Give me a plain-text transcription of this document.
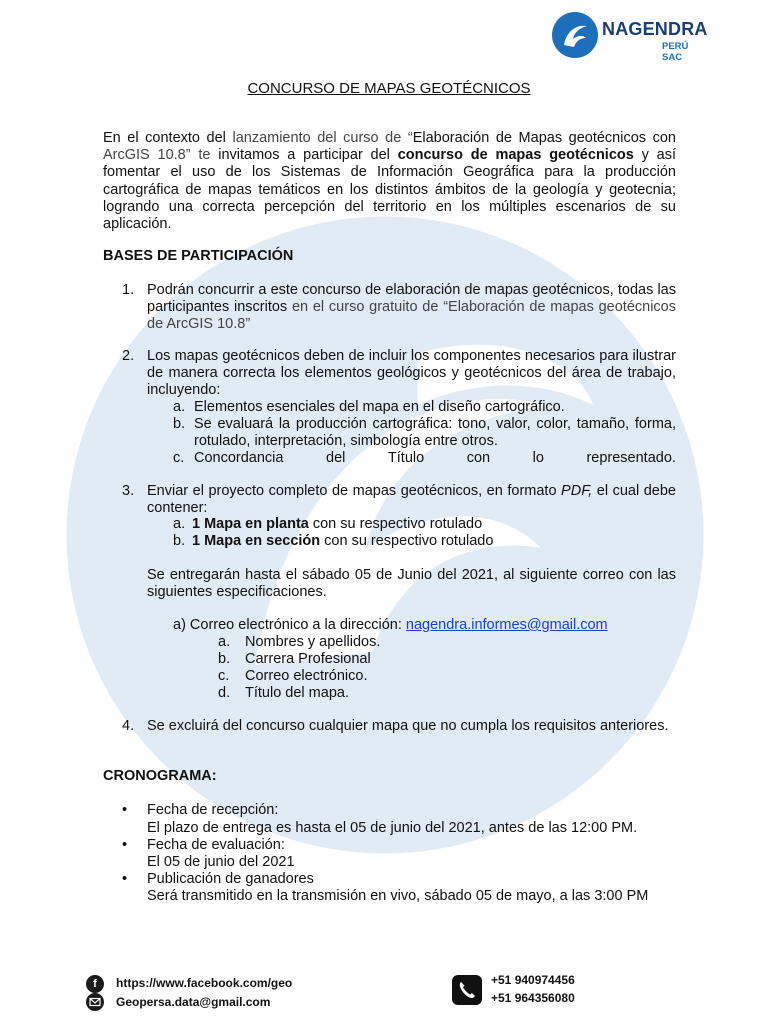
NAGENDRA
PERÚ SAC
CONCURSO DE MAPAS GEOTÉCNICOS
En el contexto del lanzamiento del curso de “Elaboración de Mapas geotécnicos con ArcGIS 10.8” te invitamos a participar del concurso de mapas geotécnicos y así fomentar el uso de los Sistemas de Información Geográfica para la producción cartográfica de mapas temáticos en los distintos ámbitos de la geología y geotecnia; logrando una correcta percepción del territorio en los múltiples escenarios de su aplicación.
BASES DE PARTICIPACIÓN
1. Podrán concurrir a este concurso de elaboración de mapas geotécnicos, todas las participantes inscritos en el curso gratuito de “Elaboración de mapas geotécnicos de ArcGIS 10.8”
2. Los mapas geotécnicos deben de incluir los componentes necesarios para ilustrar de manera correcta los elementos geológicos y geotécnicos del área de trabajo, incluyendo:
a. Elementos esenciales del mapa en el diseño cartográfico.
b. Se evaluará la producción cartográfica: tono, valor, color, tamaño, forma, rotulado, interpretación, simbología entre otros.
c. Concordancia	del	Título	con	lo	representado.
3. Enviar el proyecto completo de mapas geotécnicos, en formato PDF, el cual debe contener:
a. 1 Mapa en planta con su respectivo rotulado
b. 1 Mapa en sección con su respectivo rotulado
Se entregarán hasta el sábado 05 de Junio del 2021, al siguiente correo con las siguientes especificaciones.
a) Correo electrónico a la dirección: nagendra.informes@gmail.com
a. Nombres y apellidos.
b. Carrera Profesional
c. Correo electrónico.
d. Título del mapa.
4. Se excluirá del concurso cualquier mapa que no cumpla los requisitos anteriores.
CRONOGRAMA:
• Fecha de recepción:
El plazo de entrega es hasta el 05 de junio del 2021, antes de las 12:00 PM.
• Fecha de evaluación:
El 05 de junio del 2021
• Publicación de ganadores
Será transmitido en la transmisión en vivo, sábado 05 de mayo, a las 3:00 PM
f	https://www.facebook.com/geo
Geopersa.data@gmail.com
+51 940974456
+51 964356080
